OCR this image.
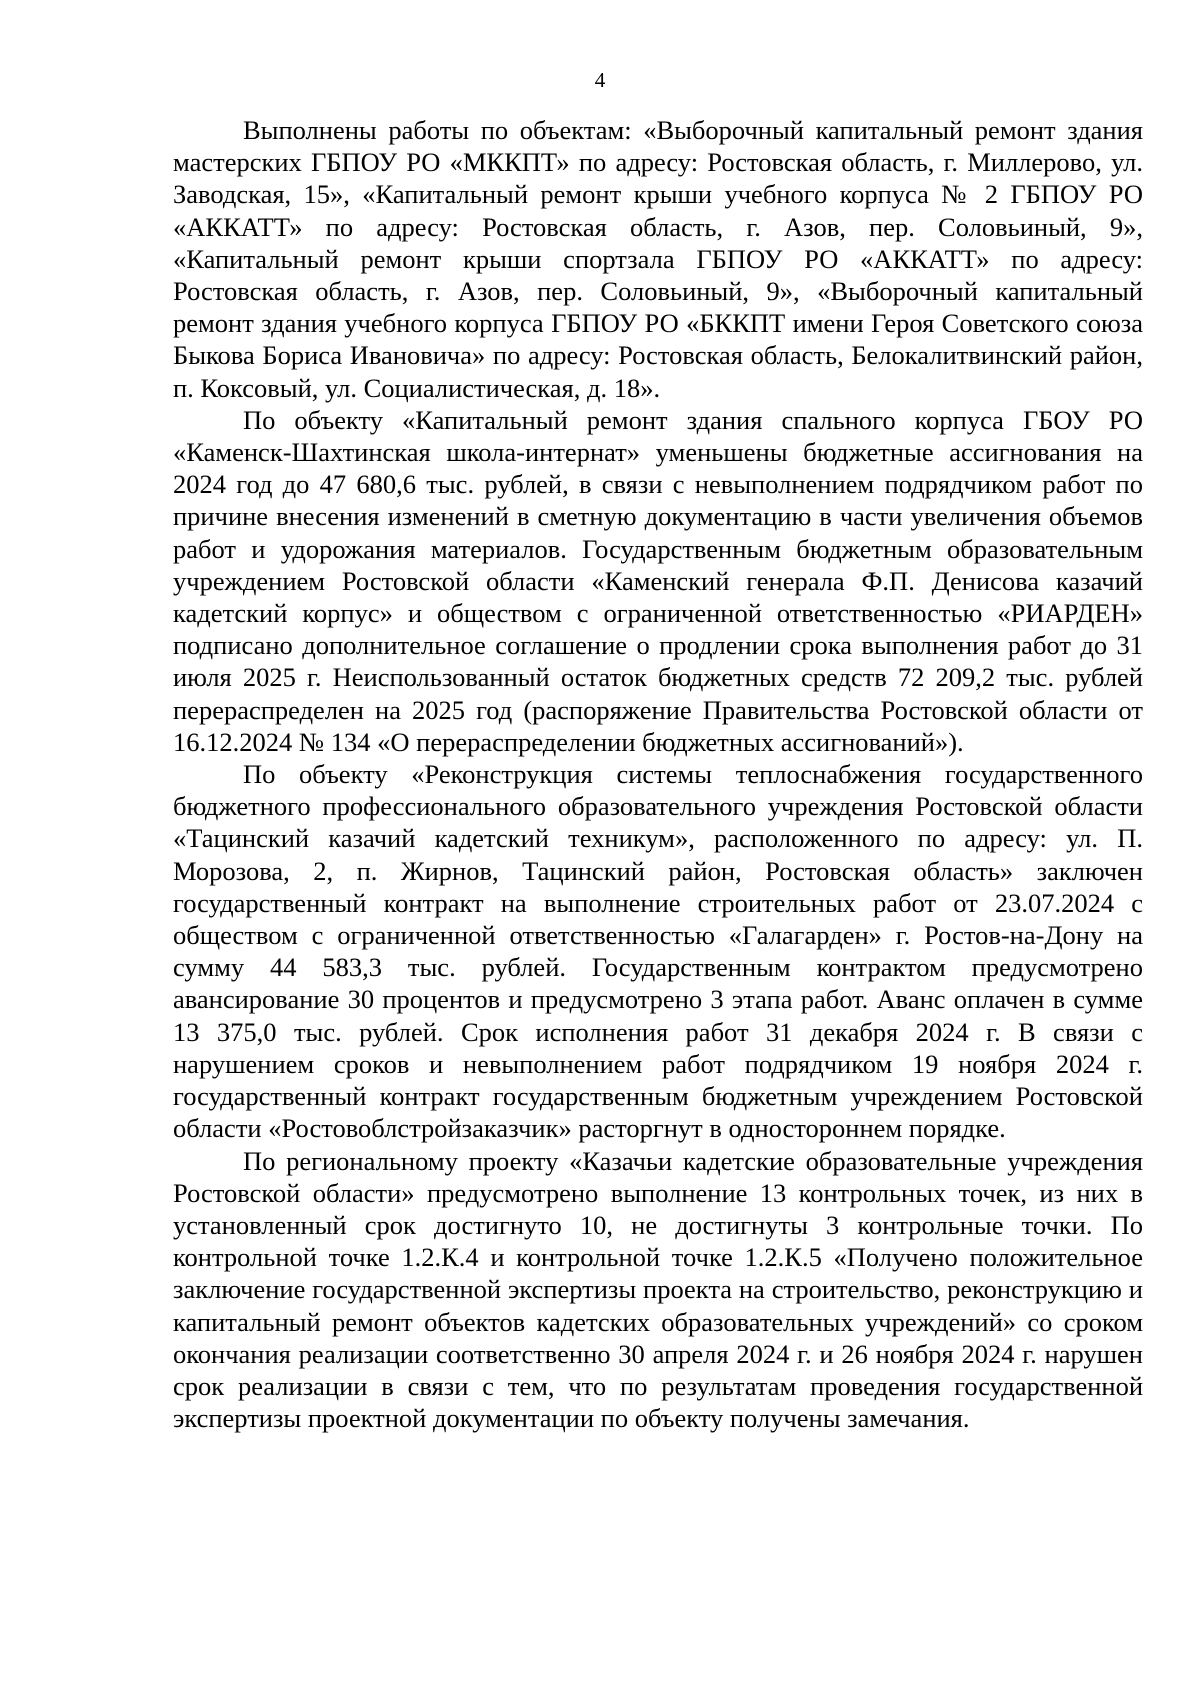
4

Выполнены работы по объектам: «Выборочный капитальный ремонт здания мастерских ГБПОУ РО «МККПТ» по адресу: Ростовская область, г. Миллерово, ул. Заводская, 15», «Капитальный ремонт крыши учебного корпуса № 2 ГБПОУ РО «АККАТТ» по адресу: Ростовская область, г. Азов, пер. Соловьиный, 9», «Капитальный ремонт крыши спортзала ГБПОУ РО «АККАТТ» по адресу: Ростовская область, г. Азов, пер. Соловьиный, 9», «Выборочный капитальный ремонт здания учебного корпуса ГБПОУ РО «БККПТ имени Героя Советского союза Быкова Бориса Ивановича» по адресу: Ростовская область, Белокалитвинский район, п. Коксовый, ул. Социалистическая, д. 18».

По объекту «Капитальный ремонт здания спального корпуса ГБОУ РО «Каменск-Шахтинская школа-интернат» уменьшены бюджетные ассигнования на 2024 год до 47 680,6 тыс. рублей, в связи с невыполнением подрядчиком работ по причине внесения изменений в сметную документацию в части увеличения объемов работ и удорожания материалов. Государственным бюджетным образовательным учреждением Ростовской области «Каменский генерала Ф.П. Денисова казачий кадетский корпус» и обществом с ограниченной ответственностью «РИАРДЕН» подписано дополнительное соглашение о продлении срока выполнения работ до 31 июля 2025 г. Неиспользованный остаток бюджетных средств 72 209,2 тыс. рублей перераспределен на 2025 год (распоряжение Правительства Ростовской области от 16.12.2024 № 134 «О перераспределении бюджетных ассигнований»).

По объекту «Реконструкция системы теплоснабжения государственного бюджетного профессионального образовательного учреждения Ростовской области «Тацинский казачий кадетский техникум», расположенного по адресу: ул. П. Морозова, 2, п. Жирнов, Тацинский район, Ростовская область» заключен государственный контракт на выполнение строительных работ от 23.07.2024 с обществом с ограниченной ответственностью «Галагарден» г. Ростов-на-Дону на сумму 44 583,3 тыс. рублей. Государственным контрактом предусмотрено авансирование 30 процентов и предусмотрено 3 этапа работ. Аванс оплачен в сумме 13 375,0 тыс. рублей. Срок исполнения работ 31 декабря 2024 г. В связи с нарушением сроков и невыполнением работ подрядчиком 19 ноября 2024 г. государственный контракт государственным бюджетным учреждением Ростовской области «Ростовоблстройзаказчик» расторгнут в одностороннем порядке.

По региональному проекту «Казачьи кадетские образовательные учреждения Ростовской области» предусмотрено выполнение 13 контрольных точек, из них в установленный срок достигнуто 10, не достигнуты 3 контрольные точки. По контрольной точке 1.2.К.4 и контрольной точке 1.2.К.5 «Получено положительное заключение государственной экспертизы проекта на строительство, реконструкцию и капитальный ремонт объектов кадетских образовательных учреждений» со сроком окончания реализации соответственно 30 апреля 2024 г. и 26 ноября 2024 г. нарушен срок реализации в связи с тем, что по результатам проведения государственной экспертизы проектной документации по объекту получены замечания.
